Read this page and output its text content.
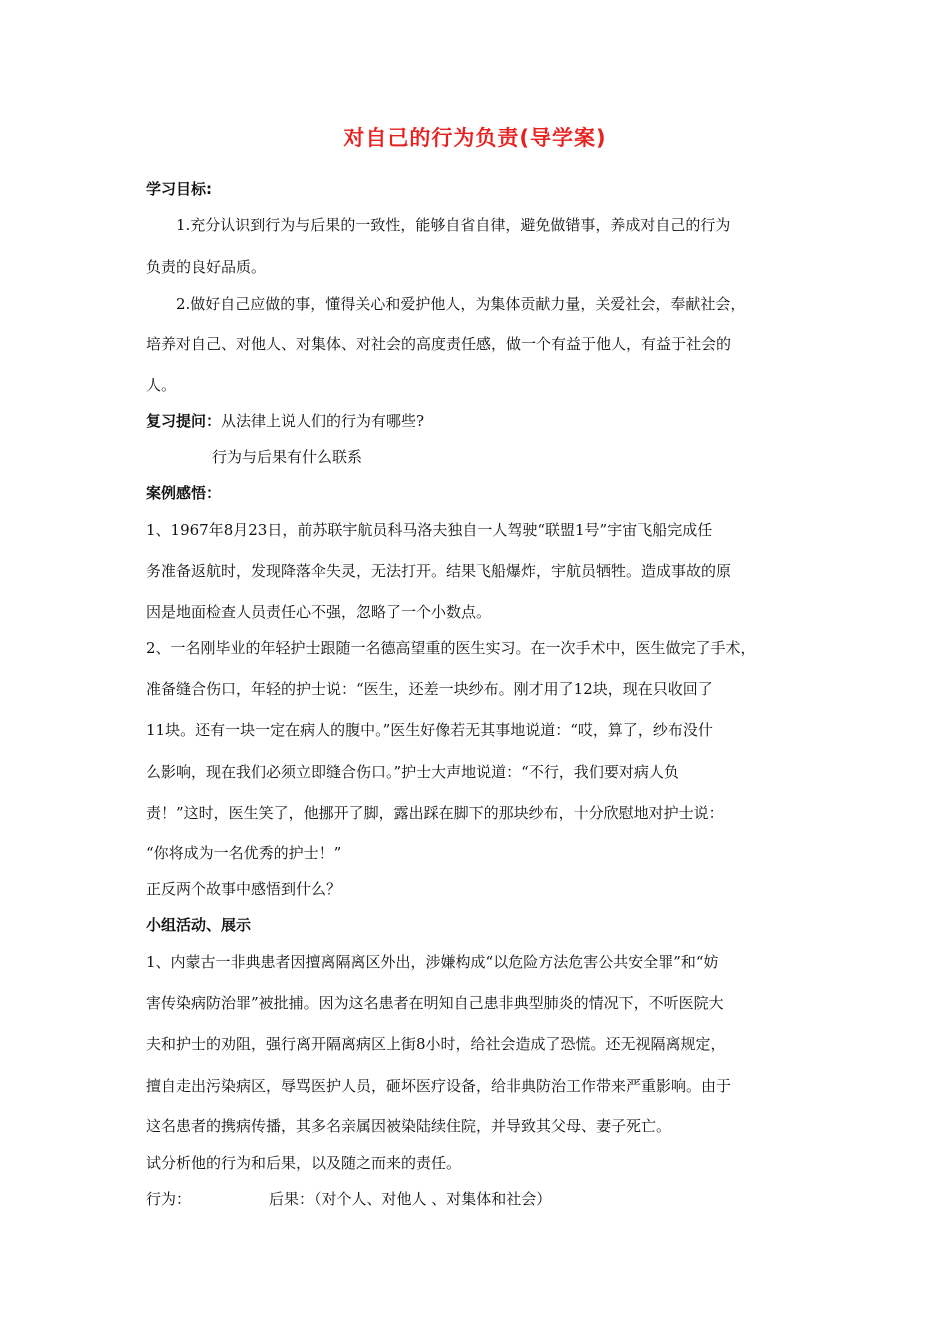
对自己的行为负责(导学案)
学习目标:
1.充分认识到行为与后果的一致性，能够自省自律，避免做错事，养成对自己的行为
负责的良好品质。
2.做好自己应做的事，懂得关心和爱护他人，为集体贡献力量，关爱社会，奉献社会，
培养对自己、对他人、对集体、对社会的高度责任感，做一个有益于他人，有益于社会的
人。
复习提问：从法律上说人们的行为有哪些?
行为与后果有什么联系
案例感悟：
1、1967年8月23日，前苏联宇航员科马洛夫独自一人驾驶“联盟1号”宇宙飞船完成任
务准备返航时，发现降落伞失灵，无法打开。结果飞船爆炸，宇航员牺牲。造成事故的原
因是地面检查人员责任心不强，忽略了一个小数点。
2、一名刚毕业的年轻护士跟随一名德高望重的医生实习。在一次手术中，医生做完了手术，
准备缝合伤口，年轻的护士说：“医生，还差一块纱布。刚才用了12块，现在只收回了
11块。还有一块一定在病人的腹中。”医生好像若无其事地说道：“哎，算了，纱布没什
么影响，现在我们必须立即缝合伤口。”护士大声地说道：“不行，我们要对病人负
责！”这时，医生笑了，他挪开了脚，露出踩在脚下的那块纱布，十分欣慰地对护士说：
“你将成为一名优秀的护士！”
正反两个故事中感悟到什么？
小组活动、展示
1、内蒙古一非典患者因擅离隔离区外出，涉嫌构成“以危险方法危害公共安全罪”和“妨
害传染病防治罪”被批捕。因为这名患者在明知自己患非典型肺炎的情况下，不听医院大
夫和护士的劝阻，强行离开隔离病区上街8小时，给社会造成了恐慌。还无视隔离规定，
擅自走出污染病区，辱骂医护人员，砸坏医疗设备，给非典防治工作带来严重影响。由于
这名患者的携病传播，其多名亲属因被染陆续住院，并导致其父母、妻子死亡。
试分析他的行为和后果，以及随之而来的责任。
行为：	后果：（对个人、对他人 、对集体和社会）
